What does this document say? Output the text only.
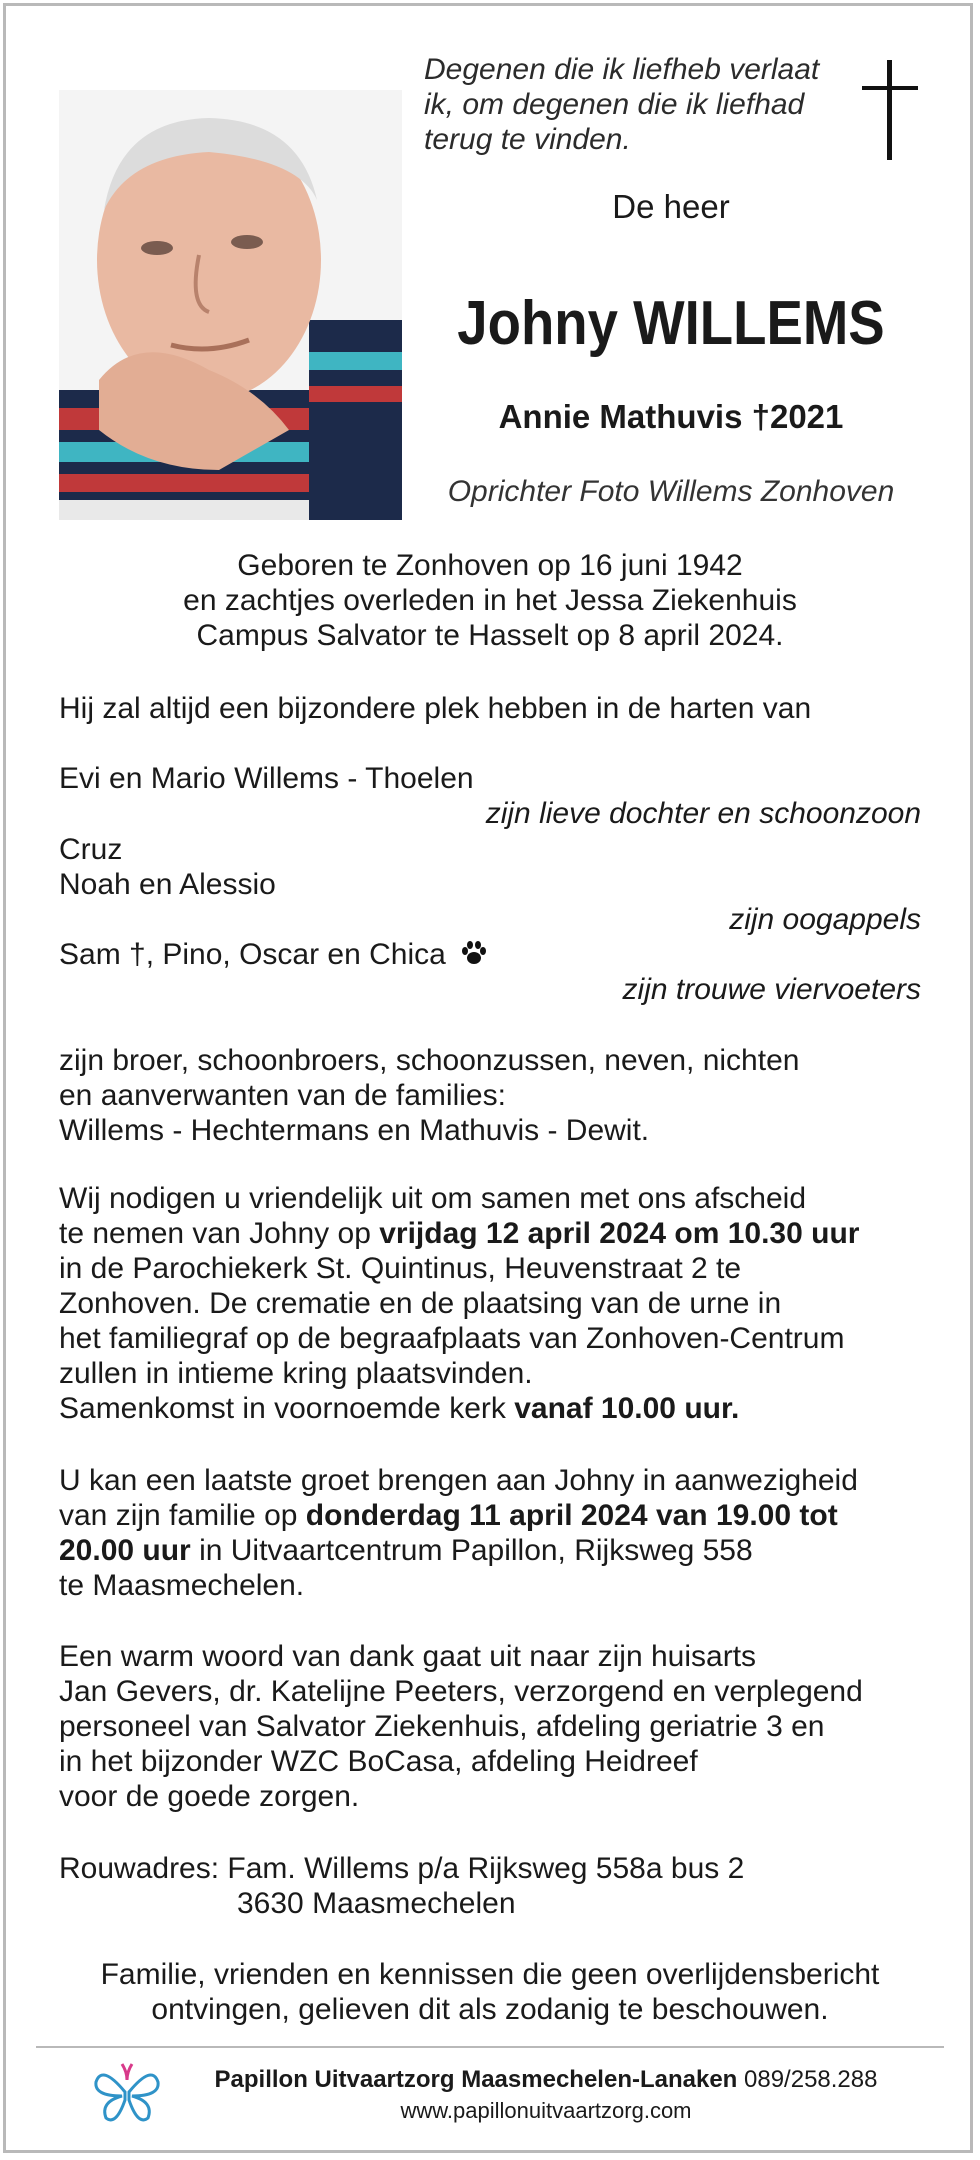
Degenen die ik liefheb verlaat
ik, om degenen die ik liefhad
terug te vinden.
De heer
Johny WILLEMS
Annie Mathuvis †2021
Oprichter Foto Willems Zonhoven
Geboren te Zonhoven op 16 juni 1942
en zachtjes overleden in het Jessa Ziekenhuis
Campus Salvator te Hasselt op 8 april 2024.
Hij zal altijd een bijzondere plek hebben in de harten van
Evi en Mario Willems - Thoelen
zijn lieve dochter en schoonzoon
Cruz
Noah en Alessio
zijn oogappels
Sam †, Pino, Oscar en Chica
zijn trouwe viervoeters
zijn broer, schoonbroers, schoonzussen, neven, nichten
en aanverwanten van de families:
Willems - Hechtermans en Mathuvis - Dewit.
Wij nodigen u vriendelijk uit om samen met ons afscheid
te nemen van Johny op vrijdag 12 april 2024 om 10.30 uur
in de Parochiekerk St. Quintinus, Heuvenstraat 2 te
Zonhoven. De crematie en de plaatsing van de urne in
het familiegraf op de begraafplaats van Zonhoven-Centrum
zullen in intieme kring plaatsvinden.
Samenkomst in voornoemde kerk vanaf 10.00 uur.
U kan een laatste groet brengen aan Johny in aanwezigheid
van zijn familie op donderdag 11 april 2024 van 19.00 tot
20.00 uur in Uitvaartcentrum Papillon, Rijksweg 558
te Maasmechelen.
Een warm woord van dank gaat uit naar zijn huisarts
Jan Gevers, dr. Katelijne Peeters, verzorgend en verplegend
personeel van Salvator Ziekenhuis, afdeling geriatrie 3 en
in het bijzonder WZC BoCasa, afdeling Heidreef
voor de goede zorgen.
Rouwadres: Fam. Willems p/a Rijksweg 558a bus 2
3630 Maasmechelen
Familie, vrienden en kennissen die geen overlijdensbericht
ontvingen, gelieven dit als zodanig te beschouwen.
Papillon Uitvaartzorg Maasmechelen-Lanaken 089/258.288
www.papillonuitvaartzorg.com
